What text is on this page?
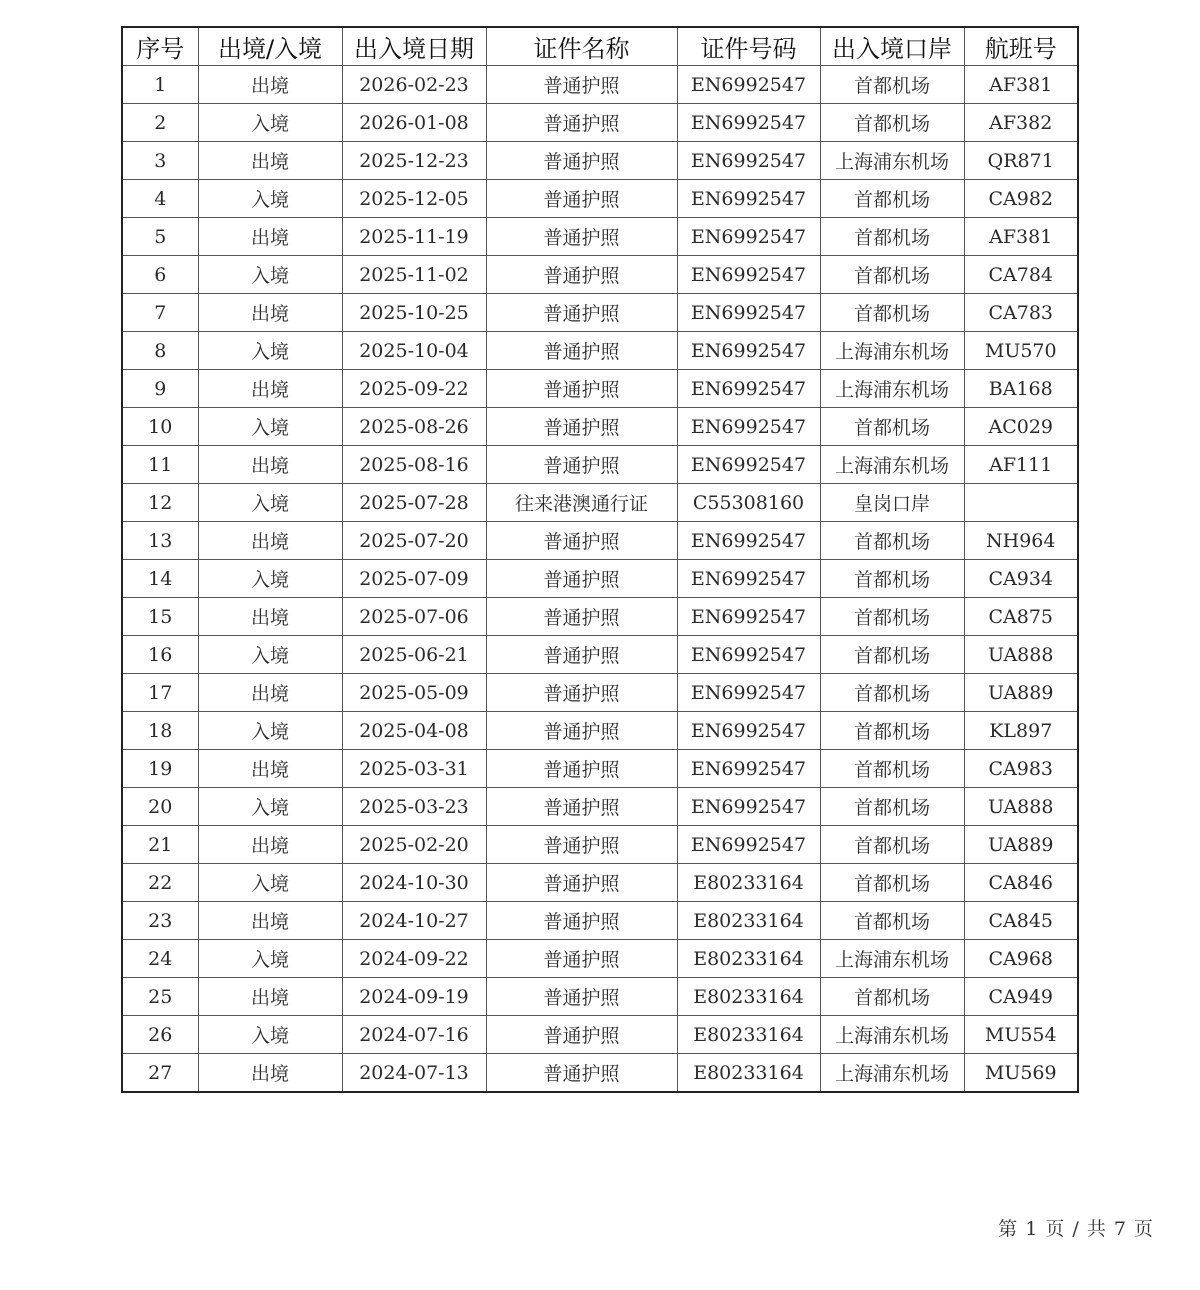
序号	出境/入境	出入境日期	证件名称	证件号码	出入境口岸	航班号
1	出境	2026-02-23	普通护照	EN6992547	首都机场	AF381
2	入境	2026-01-08	普通护照	EN6992547	首都机场	AF382
3	出境	2025-12-23	普通护照	EN6992547	上海浦东机场	QR871
4	入境	2025-12-05	普通护照	EN6992547	首都机场	CA982
5	出境	2025-11-19	普通护照	EN6992547	首都机场	AF381
6	入境	2025-11-02	普通护照	EN6992547	首都机场	CA784
7	出境	2025-10-25	普通护照	EN6992547	首都机场	CA783
8	入境	2025-10-04	普通护照	EN6992547	上海浦东机场	MU570
9	出境	2025-09-22	普通护照	EN6992547	上海浦东机场	BA168
10	入境	2025-08-26	普通护照	EN6992547	首都机场	AC029
11	出境	2025-08-16	普通护照	EN6992547	上海浦东机场	AF111
12	入境	2025-07-28	往来港澳通行证	C55308160	皇岗口岸	
13	出境	2025-07-20	普通护照	EN6992547	首都机场	NH964
14	入境	2025-07-09	普通护照	EN6992547	首都机场	CA934
15	出境	2025-07-06	普通护照	EN6992547	首都机场	CA875
16	入境	2025-06-21	普通护照	EN6992547	首都机场	UA888
17	出境	2025-05-09	普通护照	EN6992547	首都机场	UA889
18	入境	2025-04-08	普通护照	EN6992547	首都机场	KL897
19	出境	2025-03-31	普通护照	EN6992547	首都机场	CA983
20	入境	2025-03-23	普通护照	EN6992547	首都机场	UA888
21	出境	2025-02-20	普通护照	EN6992547	首都机场	UA889
22	入境	2024-10-30	普通护照	E80233164	首都机场	CA846
23	出境	2024-10-27	普通护照	E80233164	首都机场	CA845
24	入境	2024-09-22	普通护照	E80233164	上海浦东机场	CA968
25	出境	2024-09-19	普通护照	E80233164	首都机场	CA949
26	入境	2024-07-16	普通护照	E80233164	上海浦东机场	MU554
27	出境	2024-07-13	普通护照	E80233164	上海浦东机场	MU569
第 1 页 / 共 7 页
